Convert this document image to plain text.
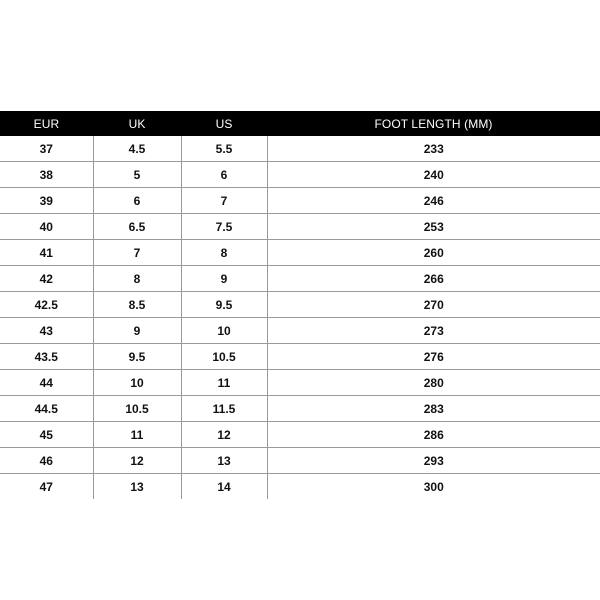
EUR	UK	US	FOOT LENGTH (MM)
37	4.5	5.5	233
38	5	6	240
39	6	7	246
40	6.5	7.5	253
41	7	8	260
42	8	9	266
42.5	8.5	9.5	270
43	9	10	273
43.5	9.5	10.5	276
44	10	11	280
44.5	10.5	11.5	283
45	11	12	286
46	12	13	293
47	13	14	300
